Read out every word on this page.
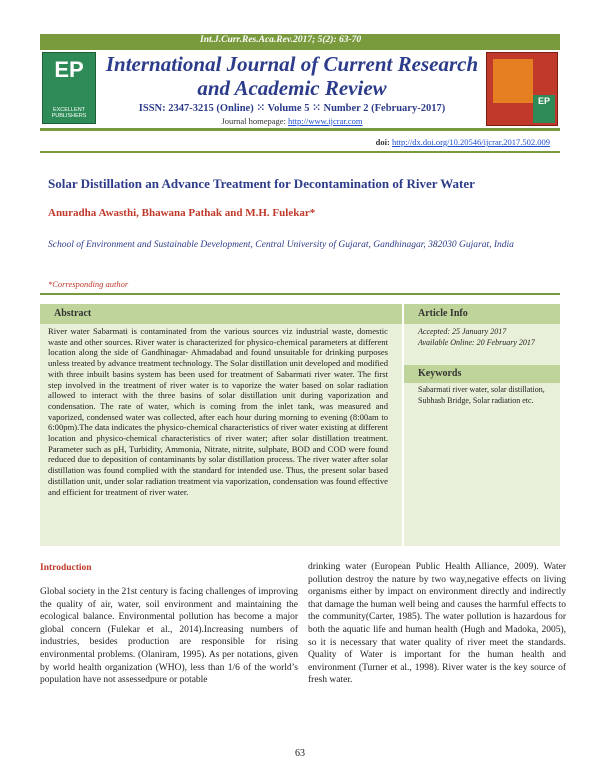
Int.J.Curr.Res.Aca.Rev.2017; 5(2): 63-70
EP
EXCELLENT PUBLISHERS
International Journal of Current Research
and Academic Review
ISSN: 2347-3215 (Online) ⁙ Volume 5 ⁙ Number 2 (February-2017)
Journal homepage: http://www.ijcrar.com
EP
doi: http://dx.doi.org/10.20546/ijcrar.2017.502.009
Solar Distillation an Advance Treatment for Decontamination of River Water
Anuradha Awasthi, Bhawana Pathak and M.H. Fulekar*
School of Environment and Sustainable Development, Central University of Gujarat, Gandhinagar, 382030 Gujarat, India
*Corresponding author
Abstract	Article Info
River water Sabarmati is contaminated from the various sources viz industrial waste, domestic waste and other sources. River water is characterized for physico-chemical parameters at different location along the side of Gandhinagar- Ahmadabad and found unsuitable for drinking purposes unless treated by advance treatment technology. The Solar distillation unit developed and modified with three inbuilt basins system has been used for treatment of Sabarmati river water. The first step involved in the treatment of river water is to vaporize the water based on solar radiation allowed to interact with the three basins of solar distillation unit during vaporization and condensation. The rate of water, which is coming from the inlet tank, was measured and vaporized, condensed water was collected, after each hour during morning to evening (8:00am to 6:00pm).The data indicates the physico-chemical characteristics of river water existing at different location and physico-chemical characteristics of river water; after solar distillation treatment. Parameter such as pH, Turbidity, Ammonia, Nitrate, nitrite, sulphate, BOD and COD were found reduced due to deposition of contaminants by solar distillation process. The river water after solar distillation was found complied with the standard for intended use. Thus, the present solar based distillation unit, under solar radiation treatment via vaporization, condensation was found effective and efficient for treatment of river water.
Accepted: 25 January 2017
Available Online: 20 February 2017
Keywords
Sabarmati river water, solar distillation, Subhash Bridge, Solar radiation etc.
Introduction
Global society in the 21st century is facing challenges of improving the quality of air, water, soil environment and maintaining the ecological balance. Environmental pollution has become a major global concern (Fulekar et al., 2014).Increasing numbers of industries, besides production are responsible for rising environmental problems. (Olaniram, 1995). As per notations, given by world health organization (WHO), less than 1/6 of the world’s population have not assessedpure or potable
drinking water (European Public Health Alliance, 2009). Water pollution destroy the nature by two way,negative effects on living organisms either by impact on environment directly and indirectly that damage the human well being and causes the harmful effects to the community(Carter, 1985). The water pollution is hazardous for both the aquatic life and human health (Hugh and Madoka, 2005), so it is necessary that water quality of river meet the standards. Quality of Water is important for the human health and environment (Turner et al., 1998). River water is the key source of fresh water.
63
